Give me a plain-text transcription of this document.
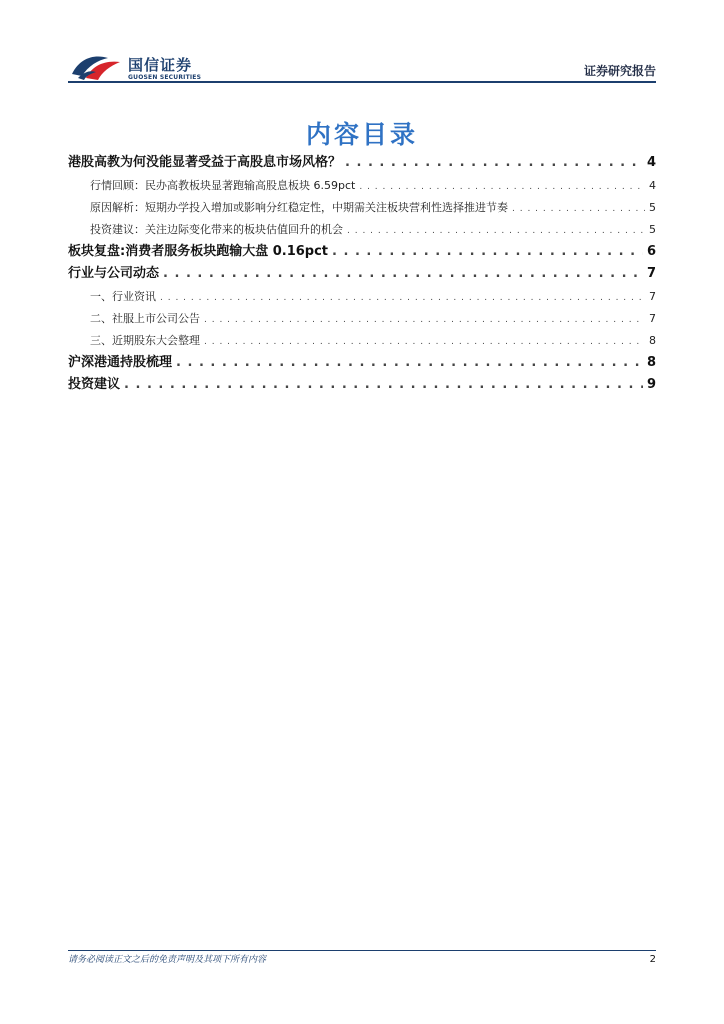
国信证券
GUOSEN SECURITIES	证券研究报告
内容目录
港股高教为何没能显著受益于高股息市场风格？ . . .	4
行情回顾：民办高教板块显著跑输高股息板块 6.59pct . . .	4
原因解析：短期办学投入增加或影响分红稳定性，中期需关注板块营利性选择推进节奏 . . .	5
投资建议：关注边际变化带来的板块估值回升的机会 . . .	5
板块复盘:消费者服务板块跑输大盘 0.16pct . . .	6
行业与公司动态 . . .	7
一、行业资讯 . . .	7
二、社服上市公司公告 . . .	7
三、近期股东大会整理 . . .	8
沪深港通持股梳理 . . .	8
投资建议 . . .	9
请务必阅读正文之后的免责声明及其项下所有内容	2
